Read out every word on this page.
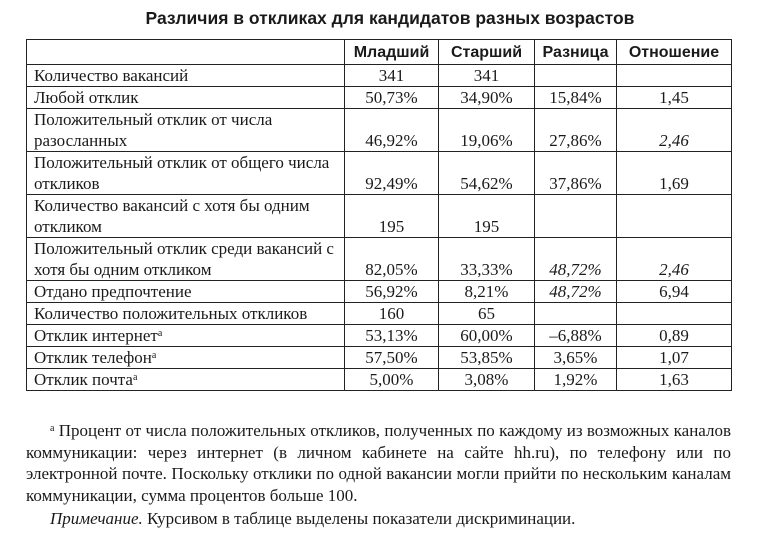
Различия в откликах для кандидатов разных возрастов
	Младший	Старший	Разница	Отношение
Количество вакансий	341	341		
Любой отклик	50,73%	34,90%	15,84%	1,45
Положительный отклик от числа разосланных	46,92%	19,06%	27,86%	2,46
Положительный отклик от общего числа откликов	92,49%	54,62%	37,86%	1,69
Количество вакансий с хотя бы одним откликом	195	195		
Положительный отклик среди вакансий с хотя бы одним откликом	82,05%	33,33%	48,72%	2,46
Отдано предпочтение	56,92%	8,21%	48,72%	6,94
Количество положительных откликов	160	65		
Отклик интернет$^a$	53,13%	60,00%	–6,88%	0,89
Отклик телефон$^a$	57,50%	53,85%	3,65%	1,07
Отклик почта$^a$	5,00%	3,08%	1,92%	1,63
$^a$ Процент от числа положительных откликов, полученных по каждому из возможных каналов коммуникации: через интернет (в личном кабинете на сайте hh.ru), по телефону или по электронной почте. Поскольку отклики по одной вакансии могли прийти по нескольким каналам коммуникации, сумма процентов больше 100.
Примечание. Курсивом в таблице выделены показатели дискриминации.
